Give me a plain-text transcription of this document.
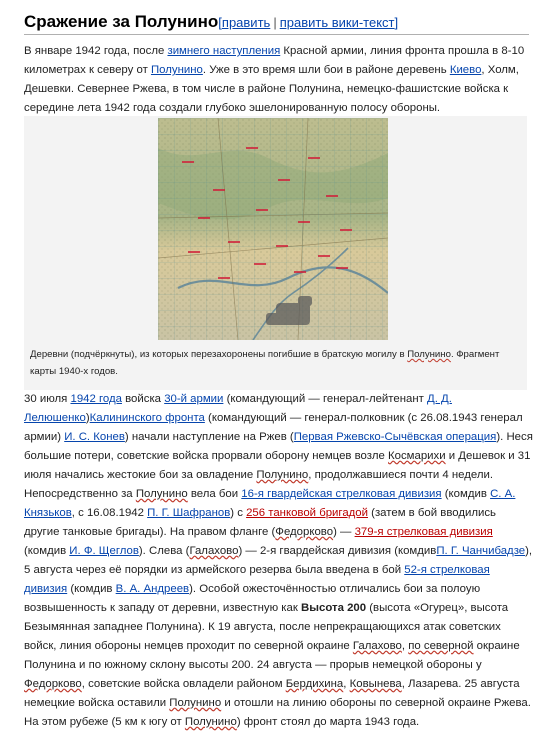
Сражение за Полунино[править | править вики-текст]

В январе 1942 года, после зимнего наступления Красной армии, линия фронта прошла в 8-10 километрах к северу от Полунино. Уже в это время шли бои в районе деревень Киево, Холм, Дешевки. Севернее Ржева, в том числе в районе Полунина, немецко-фашистские войска к середине лета 1942 года создали глубоко эшелонированную полосу обороны.

Деревни (подчёркнуты), из которых перезахоронены погибшие в братскую могилу в Полунино. Фрагмент карты 1940-х годов.

30 июля 1942 года войска 30-й армии (командующий — генерал-лейтенант Д. Д. Лелюшенко)Калининского фронта (командующий — генерал-полковник (с 26.08.1943 генерал армии) И. С. Конев) начали наступление на Ржев (Первая Ржевско-Сычёвская операция). Неся большие потери, советские войска прорвали оборону немцев возле Космарихи и Дешевок и 31 июля начались жестокие бои за овладение Полунино, продолжавшиеся почти 4 недели. Непосредственно за Полунино вела бои 16-я гвардейская стрелковая дивизия (комдив С. А. Князьков, с 16.08.1942 П. Г. Шафранов) с 256 танковой бригадой (затем в бой вводились другие танковые бригады). На правом фланге (Федорково) — 379-я стрелковая дивизия (комдив И. Ф. Щеглов). Слева (Галахово) — 2-я гвардейская дивизия (комдивП. Г. Чанчибадзе), 5 августа через её порядки из армейского резерва была введена в бой 52-я стрелковая дивизия (комдив В. А. Андреев). Особой ожесточённостью отличались бои за полоую возвышенность к западу от деревни, известную как Высота 200 (высота «Огурец», высота Безымянная западнее Полунина). К 19 августа, после непрекращающихся атак советских войск, линия обороны немцев проходит по северной окраине Галахово, по северной окраине Полунина и по южному склону высоты 200. 24 августа — прорыв немецкой обороны у Федорково, советские войска овладели районом Бердихина, Ковынева, Лазарева. 25 августа немецкие войска оставили Полунино и отошли на линию обороны по северной окраине Ржева. На этом рубеже (5 км к югу от Полунино) фронт стоял до марта 1943 года.
